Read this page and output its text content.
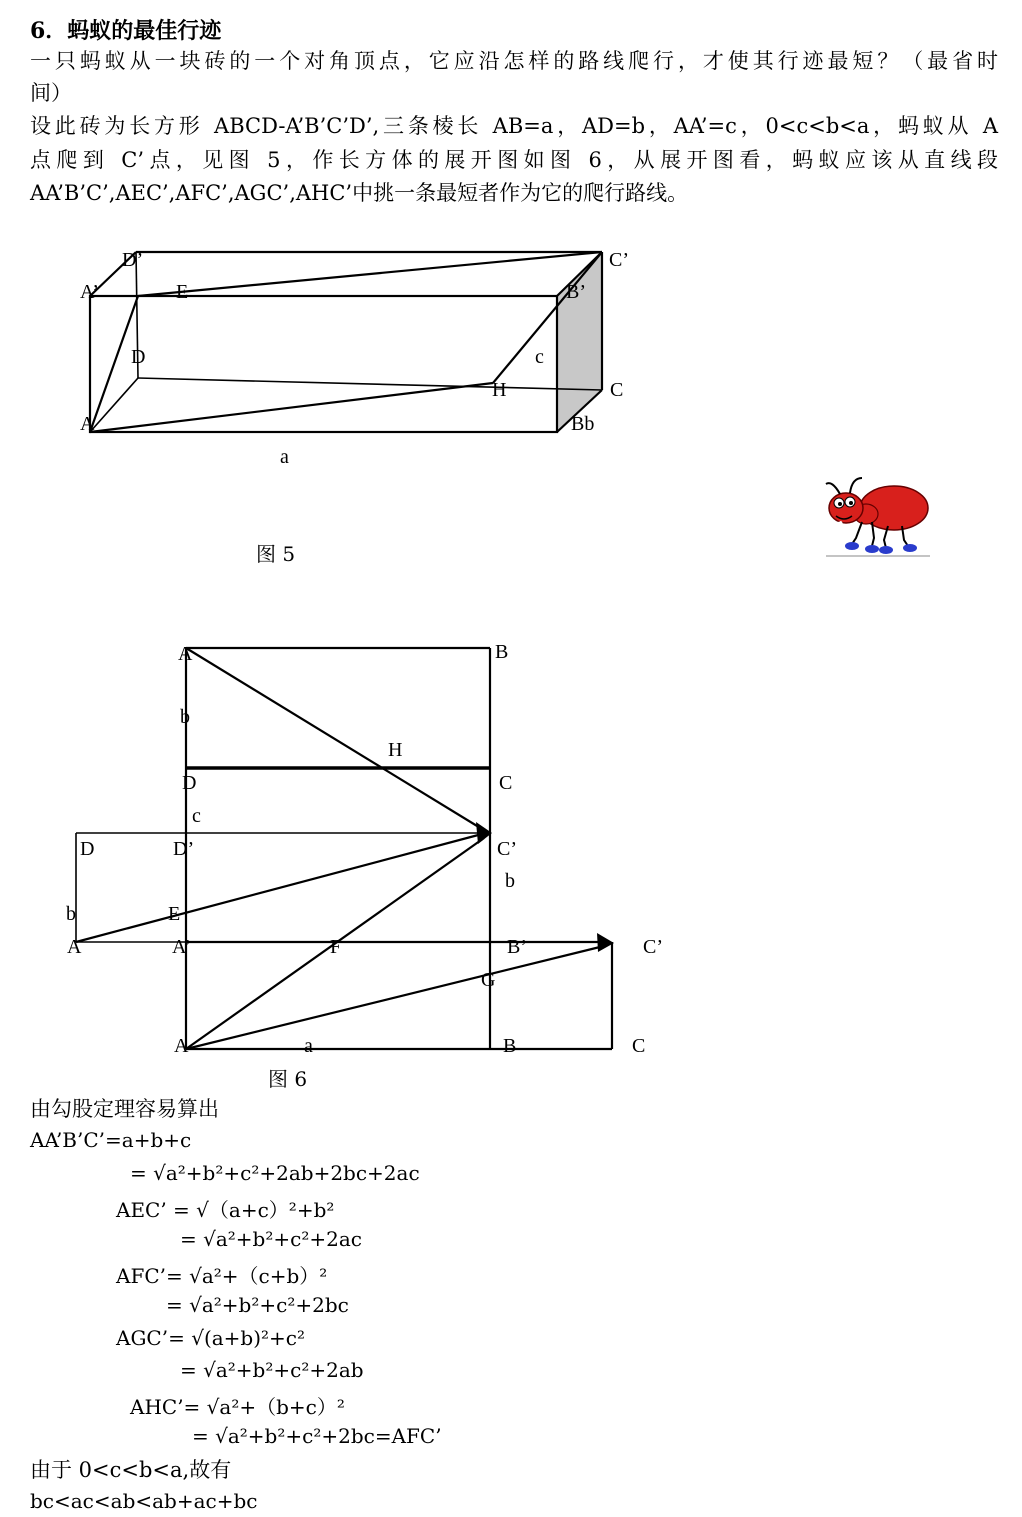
6．蚂蚁的最佳行迹
一只蚂蚁从一块砖的一个对角顶点，它应沿怎样的路线爬行，才使其行迹最短？（最省时
间）
设此砖为长方形 ABCD-A’B’C’D’,三条棱长 AB=a，AD=b，AA’=c，0<c<b<a，蚂蚁从 A
点爬到 C’点，见图 5，作长方体的展开图如图 6，从展开图看，蚂蚁应该从直线段
AA’B’C’,AEC’,AFC’,AGC’,AHC’中挑一条最短者作为它的爬行路线。
D’	C’
A’	E	B’
D	c
H	C
A	Bb
a
图 5
A	B
b
H
D	C
c
D	D’	C’
b
b	E
A	A’	F	B’	C’
G
A	a	B	C
图 6
由勾股定理容易算出
AA’B’C’=a+b+c
= √a²+b²+c²+2ab+2bc+2ac
AEC’ = √（a+c）²+b²
= √a²+b²+c²+2ac
AFC’= √a²+（c+b）²
= √a²+b²+c²+2bc
AGC’= √(a+b)²+c²
= √a²+b²+c²+2ab
AHC’= √a²+（b+c）²
= √a²+b²+c²+2bc=AFC’
由于 0<c<b<a,故有
bc<ac<ab<ab+ac+bc
